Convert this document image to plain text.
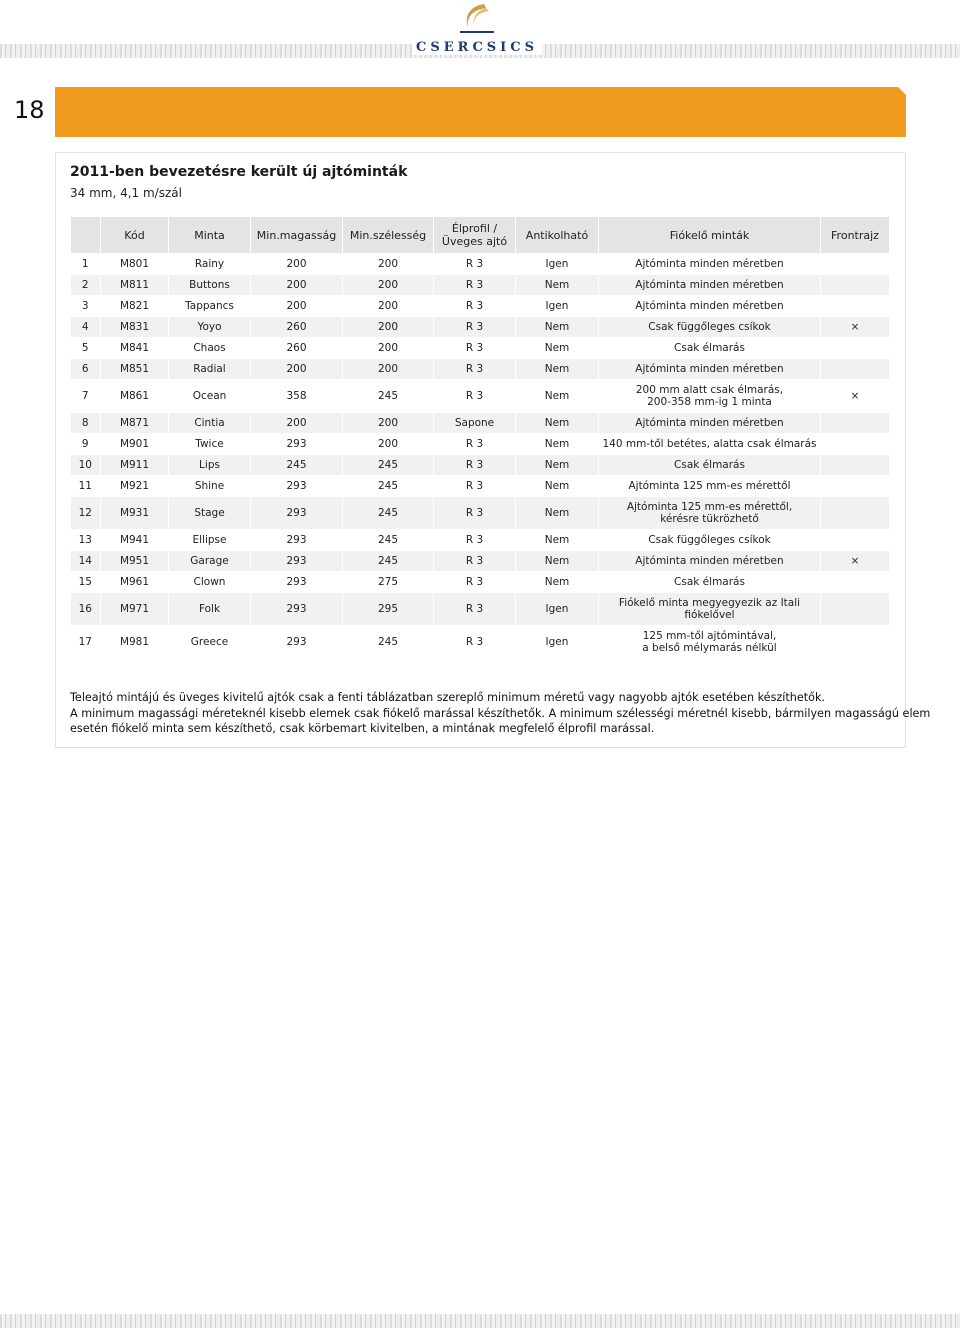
CSERCSICS
18
2011-ben bevezetésre került új ajtóminták
34 mm, 4,1 m/szál
	Kód	Minta	Min.magasság	Min.szélesség	Élprofil /
Üveges ajtó	Antikolható	Fiókelő minták	Frontrajz
1	M801	Rainy	200	200	R 3	Igen	Ajtóminta minden méretben	

2	M811	Buttons	200	200	R 3	Nem	Ajtóminta minden méretben	

3	M821	Tappancs	200	200	R 3	Igen	Ajtóminta minden méretben	

4	M831	Yoyo	260	200	R 3	Nem	Csak függőleges csíkok	×
5	M841	Chaos	260	200	R 3	Nem	Csak élmarás	

6	M851	Radial	200	200	R 3	Nem	Ajtóminta minden méretben	

7	M861	Ocean	358	245	R 3	Nem	200 mm alatt csak élmarás,
200-358 mm-ig 1 minta	×
8	M871	Cintia	200	200	Sapone	Nem	Ajtóminta minden méretben	

9	M901	Twice	293	200	R 3	Nem	140 mm-től betétes, alatta csak élmarás	

10	M911	Lips	245	245	R 3	Nem	Csak élmarás	

11	M921	Shine	293	245	R 3	Nem	Ajtóminta 125 mm-es mérettől	

12	M931	Stage	293	245	R 3	Nem	Ajtóminta 125 mm-es mérettől,
kérésre tükrözhető	

13	M941	Ellipse	293	245	R 3	Nem	Csak függőleges csíkok	

14	M951	Garage	293	245	R 3	Nem	Ajtóminta minden méretben	×
15	M961	Clown	293	275	R 3	Nem	Csak élmarás	

16	M971	Folk	293	295	R 3	Igen	Fiókelő minta megyegyezik az Itali
fiókelővel	

17	M981	Greece	293	245	R 3	Igen	125 mm-től ajtómintával,
a belső mélymarás nélkül	

Teleajtó mintájú és üveges kivitelű ajtók csak a fenti táblázatban szereplő minimum méretű vagy nagyobb ajtók esetében készíthetők.
A minimum magassági méreteknél kisebb elemek csak fiókelő marással készíthetők. A minimum szélességi méretnél kisebb, bármilyen magasságú elem
esetén fiókelő minta sem készíthető, csak körbemart kivitelben, a mintának megfelelő élprofil marással.
